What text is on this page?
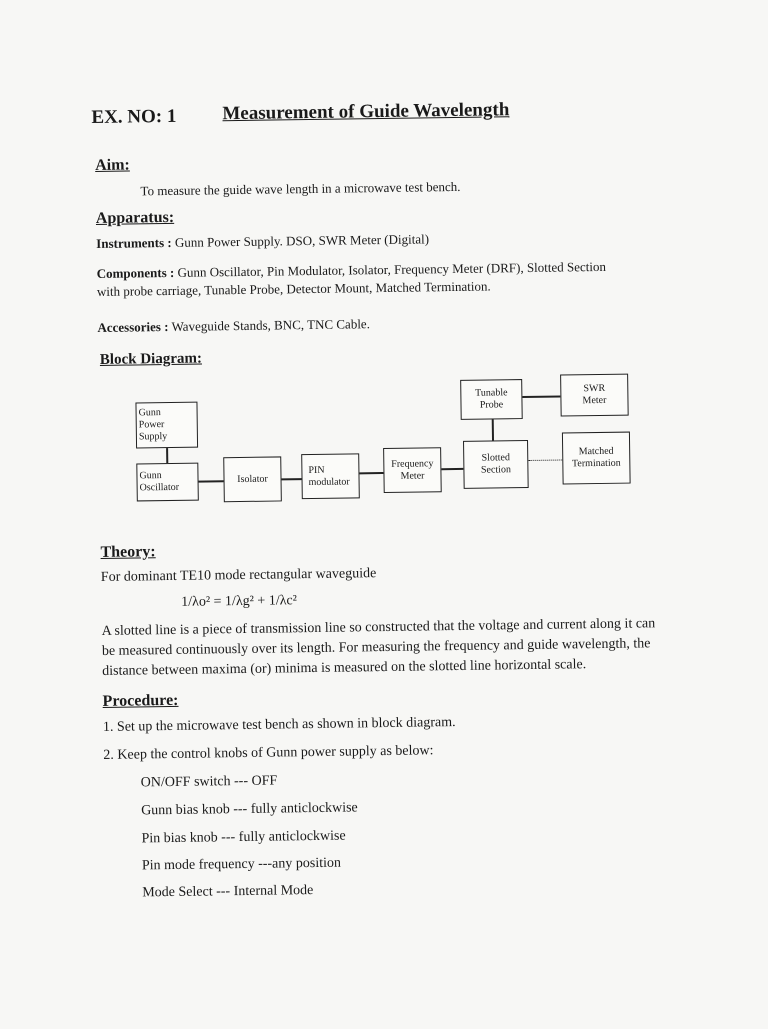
EX. NO: 1 Measurement of Guide Wavelength
Aim:
To measure the guide wave length in a microwave test bench.
Apparatus:
Instruments : Gunn Power Supply. DSO, SWR Meter (Digital)
Components : Gunn Oscillator, Pin Modulator, Isolator, Frequency Meter (DRF), Slotted Section
with probe carriage, Tunable Probe, Detector Mount, Matched Termination.
Accessories : Waveguide Stands, BNC, TNC Cable.
Block Diagram:
Gunn
Power
Supply
Gunn
Oscillator
Isolator
PIN
modulator
Frequency
Meter
Slotted
Section
Tunable
Probe
SWR
Meter
Matched
Termination
Theory:
For dominant TE10 mode rectangular waveguide
1/λo² = 1/λg² + 1/λc²
A slotted line is a piece of transmission line so constructed that the voltage and current along it can
be measured continuously over its length. For measuring the frequency and guide wavelength, the
distance between maxima (or) minima is measured on the slotted line horizontal scale.
Procedure:
1. Set up the microwave test bench as shown in block diagram.
2. Keep the control knobs of Gunn power supply as below:
ON/OFF switch --- OFF
Gunn bias knob --- fully anticlockwise
Pin bias knob --- fully anticlockwise
Pin mode frequency ---any position
Mode Select --- Internal Mode
